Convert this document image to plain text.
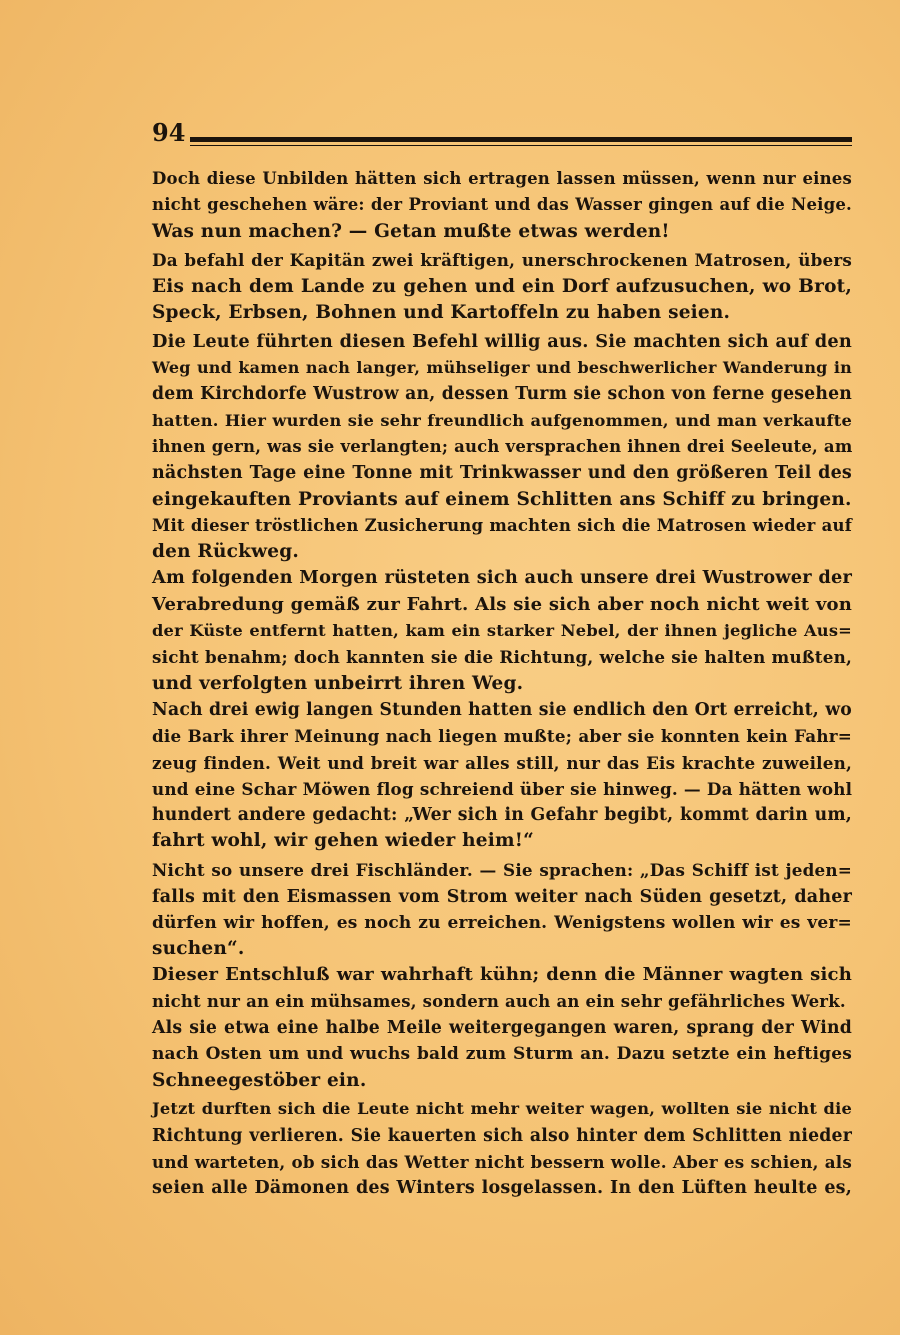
94
Doch diese Unbilden hätten sich ertragen lassen müssen, wenn nur eines
nicht geschehen wäre: der Proviant und das Wasser gingen auf die Neige.
Was nun machen? — Getan mußte etwas werden!
Da befahl der Kapitän zwei kräftigen, unerschrockenen Matrosen, übers
Eis nach dem Lande zu gehen und ein Dorf aufzusuchen, wo Brot,
Speck, Erbsen, Bohnen und Kartoffeln zu haben seien.
Die Leute führten diesen Befehl willig aus. Sie machten sich auf den
Weg und kamen nach langer, mühseliger und beschwerlicher Wanderung in
dem Kirchdorfe Wustrow an, dessen Turm sie schon von ferne gesehen
hatten. Hier wurden sie sehr freundlich aufgenommen, und man verkaufte
ihnen gern, was sie verlangten; auch versprachen ihnen drei Seeleute, am
nächsten Tage eine Tonne mit Trinkwasser und den größeren Teil des
eingekauften Proviants auf einem Schlitten ans Schiff zu bringen.
Mit dieser tröstlichen Zusicherung machten sich die Matrosen wieder auf
den Rückweg.
Am folgenden Morgen rüsteten sich auch unsere drei Wustrower der
Verabredung gemäß zur Fahrt. Als sie sich aber noch nicht weit von
der Küste entfernt hatten, kam ein starker Nebel, der ihnen jegliche Aus=
sicht benahm; doch kannten sie die Richtung, welche sie halten mußten,
und verfolgten unbeirrt ihren Weg.
Nach drei ewig langen Stunden hatten sie endlich den Ort erreicht, wo
die Bark ihrer Meinung nach liegen mußte; aber sie konnten kein Fahr=
zeug finden. Weit und breit war alles still, nur das Eis krachte zuweilen,
und eine Schar Möwen flog schreiend über sie hinweg. — Da hätten wohl
hundert andere gedacht: „Wer sich in Gefahr begibt, kommt darin um,
fahrt wohl, wir gehen wieder heim!“
Nicht so unsere drei Fischländer. — Sie sprachen: „Das Schiff ist jeden=
falls mit den Eismassen vom Strom weiter nach Süden gesetzt, daher
dürfen wir hoffen, es noch zu erreichen. Wenigstens wollen wir es ver=
suchen“.
Dieser Entschluß war wahrhaft kühn; denn die Männer wagten sich
nicht nur an ein mühsames, sondern auch an ein sehr gefährliches Werk.
Als sie etwa eine halbe Meile weitergegangen waren, sprang der Wind
nach Osten um und wuchs bald zum Sturm an. Dazu setzte ein heftiges
Schneegestöber ein.
Jetzt durften sich die Leute nicht mehr weiter wagen, wollten sie nicht die
Richtung verlieren. Sie kauerten sich also hinter dem Schlitten nieder
und warteten, ob sich das Wetter nicht bessern wolle. Aber es schien, als
seien alle Dämonen des Winters losgelassen. In den Lüften heulte es,
